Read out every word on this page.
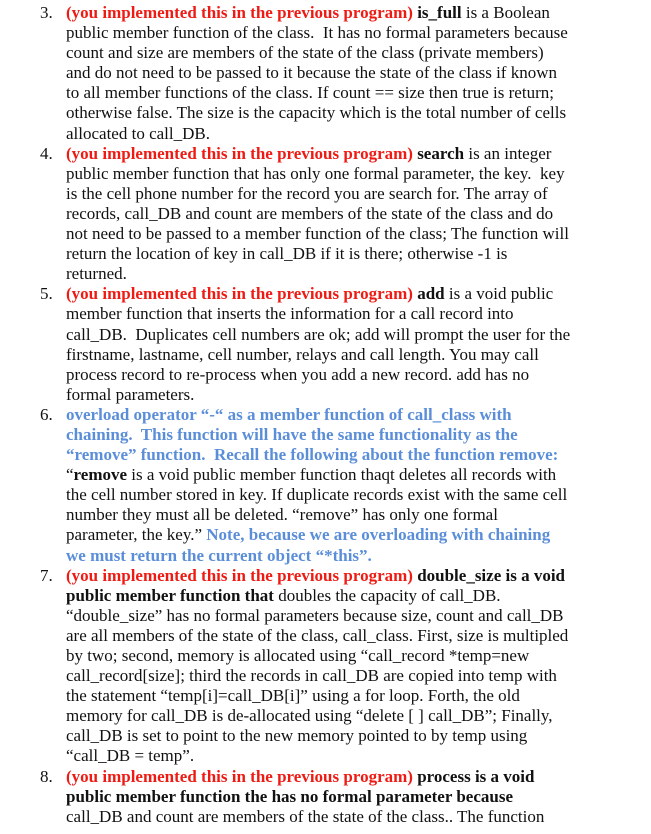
3. (you implemented this in the previous program) is_full is a Boolean
public member function of the class.  It has no formal parameters because
count and size are members of the state of the class (private members)
and do not need to be passed to it because the state of the class if known
to all member functions of the class. If count == size then true is return;
otherwise false. The size is the capacity which is the total number of cells
allocated to call_DB.
4. (you implemented this in the previous program) search is an integer
public member function that has only one formal parameter, the key.  key
is the cell phone number for the record you are search for. The array of
records, call_DB and count are members of the state of the class and do
not need to be passed to a member function of the class; The function will
return the location of key in call_DB if it is there; otherwise -1 is
returned.
5. (you implemented this in the previous program) add is a void public
member function that inserts the information for a call record into
call_DB.  Duplicates cell numbers are ok; add will prompt the user for the
firstname, lastname, cell number, relays and call length. You may call
process record to re-process when you add a new record. add has no
formal parameters.
6. overload operator “-“ as a member function of call_class with
chaining.  This function will have the same functionality as the
“remove” function.  Recall the following about the function remove:
“remove is a void public member function thaqt deletes all records with
the cell number stored in key. If duplicate records exist with the same cell
number they must all be deleted. “remove” has only one formal
parameter, the key.” Note, because we are overloading with chaining
we must return the current object “*this”.
7. (you implemented this in the previous program) double_size is a void
public member function that doubles the capacity of call_DB.
“double_size” has no formal parameters because size, count and call_DB
are all members of the state of the class, call_class. First, size is multipled
by two; second, memory is allocated using “call_record *temp=new
call_record[size]; third the records in call_DB are copied into temp with
the statement “temp[i]=call_DB[i]” using a for loop. Forth, the old
memory for call_DB is de-allocated using “delete [ ] call_DB”; Finally,
call_DB is set to point to the new memory pointed to by temp using
“call_DB = temp”.
8. (you implemented this in the previous program) process is a void
public member function the has no formal parameter because
call_DB and count are members of the state of the class.. The function
